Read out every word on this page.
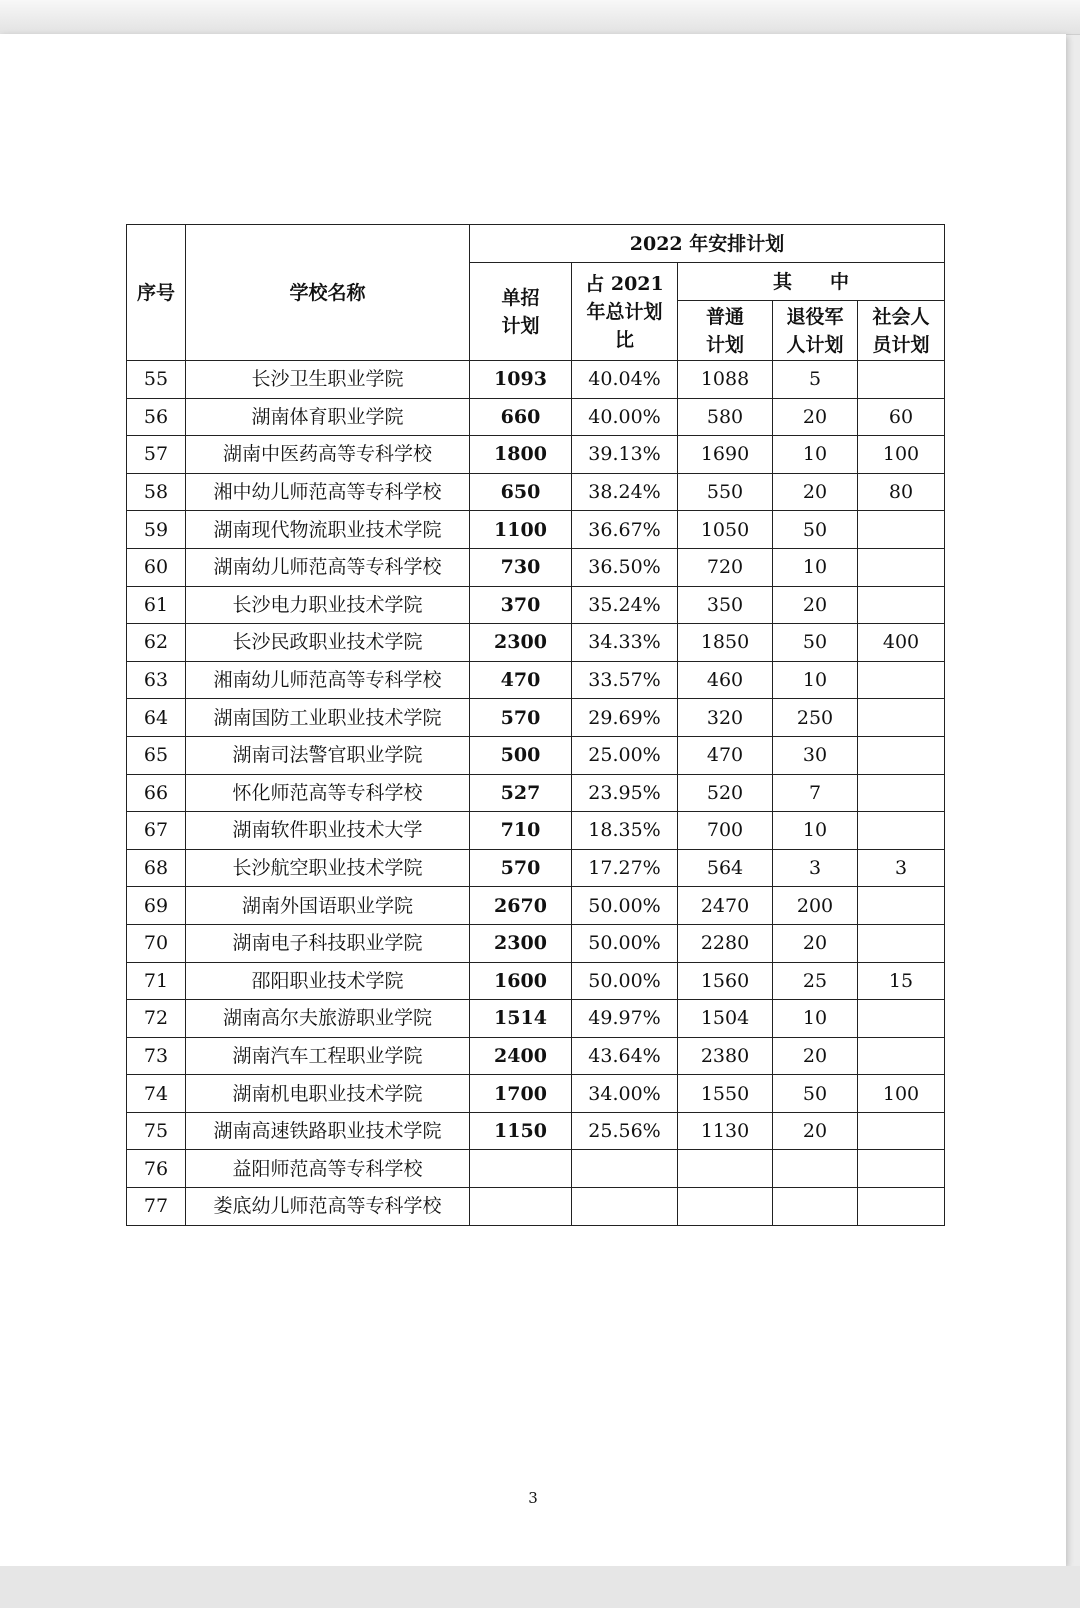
序号	学校名称	2022 年安排计划				
		单招计划	占 2021 年总计划比	其　　中		
				普通计划	退役军人计划	社会人员计划
55	长沙卫生职业学院	1093	40.04%	1088	5	
56	湖南体育职业学院	660	40.00%	580	20	60
57	湖南中医药高等专科学校	1800	39.13%	1690	10	100
58	湘中幼儿师范高等专科学校	650	38.24%	550	20	80
59	湖南现代物流职业技术学院	1100	36.67%	1050	50	
60	湖南幼儿师范高等专科学校	730	36.50%	720	10	
61	长沙电力职业技术学院	370	35.24%	350	20	
62	长沙民政职业技术学院	2300	34.33%	1850	50	400
63	湘南幼儿师范高等专科学校	470	33.57%	460	10	
64	湖南国防工业职业技术学院	570	29.69%	320	250	
65	湖南司法警官职业学院	500	25.00%	470	30	
66	怀化师范高等专科学校	527	23.95%	520	7	
67	湖南软件职业技术大学	710	18.35%	700	10	
68	长沙航空职业技术学院	570	17.27%	564	3	3
69	湖南外国语职业学院	2670	50.00%	2470	200	
70	湖南电子科技职业学院	2300	50.00%	2280	20	
71	邵阳职业技术学院	1600	50.00%	1560	25	15
72	湖南高尔夫旅游职业学院	1514	49.97%	1504	10	
73	湖南汽车工程职业学院	2400	43.64%	2380	20	
74	湖南机电职业技术学院	1700	34.00%	1550	50	100
75	湖南高速铁路职业技术学院	1150	25.56%	1130	20	
76	益阳师范高等专科学校					
77	娄底幼儿师范高等专科学校					
3
